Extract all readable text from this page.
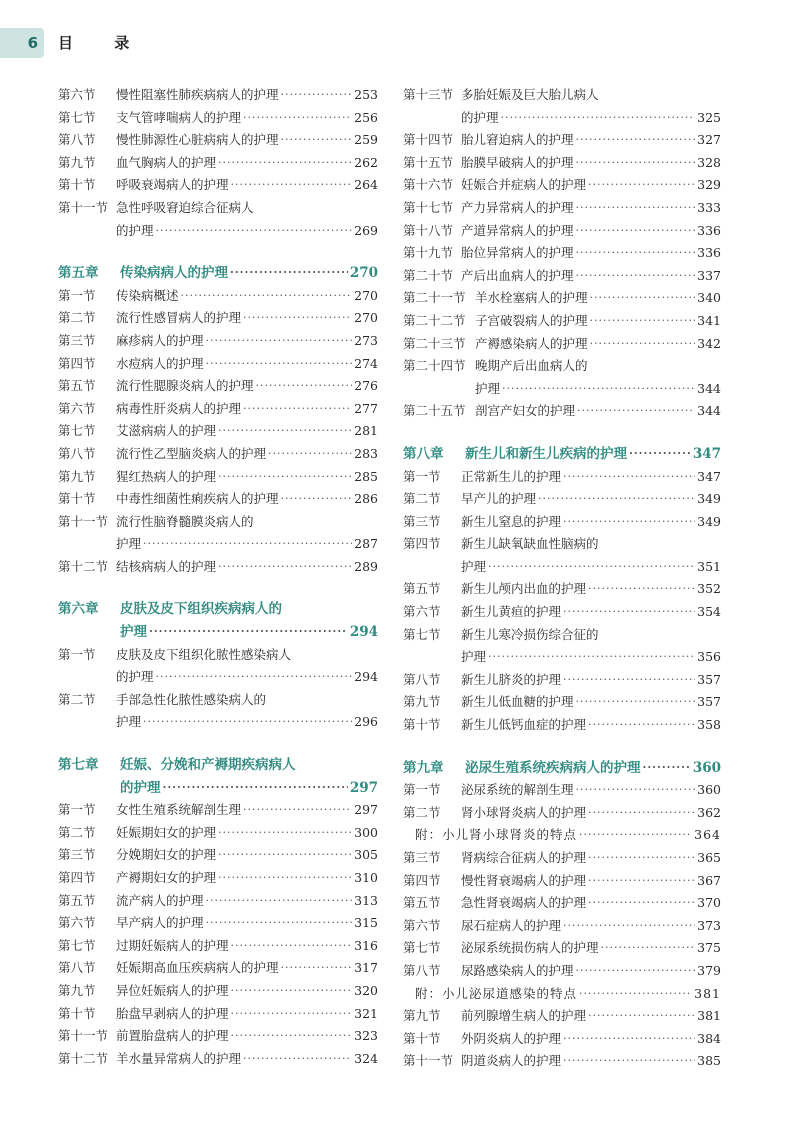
6	目 录
第六节	慢性阻塞性肺疾病病人的护理 ·····	253
第七节	支气管哮喘病人的护理 ·····	256
第八节	慢性肺源性心脏病病人的护理 ·····	259
第九节	血气胸病人的护理 ·····	262
第十节	呼吸衰竭病人的护理 ·····	264
第十一节 急性呼吸窘迫综合征病人
的护理 ·····	269
第五章	传染病病人的护理 ·····	270
第一节	传染病概述 ·····	270
第二节	流行性感冒病人的护理 ·····	270
第三节	麻疹病人的护理 ·····	273
第四节	水痘病人的护理 ·····	274
第五节	流行性腮腺炎病人的护理 ·····	276
第六节	病毒性肝炎病人的护理 ·····	277
第七节	艾滋病病人的护理 ·····	281
第八节	流行性乙型脑炎病人的护理 ·····	283
第九节	猩红热病人的护理 ·····	285
第十节	中毒性细菌性痢疾病人的护理 ·····	286
第十一节 流行性脑脊髓膜炎病人的
护理 ·····	287
第十二节 结核病病人的护理 ·····	289
第六章	皮肤及皮下组织疾病病人的
护理 ·····	294
第一节	皮肤及皮下组织化脓性感染病人
的护理 ·····	294
第二节	手部急性化脓性感染病人的
护理 ·····	296
第七章	妊娠、分娩和产褥期疾病病人
的护理 ·····	297
第一节	女性生殖系统解剖生理 ·····	297
第二节	妊娠期妇女的护理 ·····	300
第三节	分娩期妇女的护理 ·····	305
第四节	产褥期妇女的护理 ·····	310
第五节	流产病人的护理 ·····	313
第六节	早产病人的护理 ·····	315
第七节	过期妊娠病人的护理 ·····	316
第八节	妊娠期高血压疾病病人的护理 ·····	317
第九节	异位妊娠病人的护理 ·····	320
第十节	胎盘早剥病人的护理 ·····	321
第十一节 前置胎盘病人的护理 ·····	323
第十二节 羊水量异常病人的护理 ·····	324
第十三节 多胎妊娠及巨大胎儿病人
的护理 ·····	325
第十四节 胎儿窘迫病人的护理 ·····	327
第十五节 胎膜早破病人的护理 ·····	328
第十六节 妊娠合并症病人的护理 ·····	329
第十七节 产力异常病人的护理 ·····	333
第十八节 产道异常病人的护理 ·····	336
第十九节 胎位异常病人的护理 ·····	336
第二十节 产后出血病人的护理 ·····	337
第二十一节 羊水栓塞病人的护理 ·····	340
第二十二节 子宫破裂病人的护理 ·····	341
第二十三节 产褥感染病人的护理 ·····	342
第二十四节 晚期产后出血病人的
护理 ·····	344
第二十五节 剖宫产妇女的护理 ·····	344
第八章	新生儿和新生儿疾病的护理 ·····	347
第一节	正常新生儿的护理 ·····	347
第二节	早产儿的护理 ·····	349
第三节	新生儿窒息的护理 ·····	349
第四节	新生儿缺氧缺血性脑病的
护理 ·····	351
第五节	新生儿颅内出血的护理 ·····	352
第六节	新生儿黄疸的护理 ·····	354
第七节	新生儿寒冷损伤综合征的
护理 ·····	356
第八节	新生儿脐炎的护理 ·····	357
第九节	新生儿低血糖的护理 ·····	357
第十节	新生儿低钙血症的护理 ·····	358
第九章	泌尿生殖系统疾病病人的护理 ·····	360
第一节	泌尿系统的解剖生理 ·····	360
第二节	肾小球肾炎病人的护理 ·····	362
附：小儿肾小球肾炎的特点 ·····	364
第三节	肾病综合征病人的护理 ·····	365
第四节	慢性肾衰竭病人的护理 ·····	367
第五节	急性肾衰竭病人的护理 ·····	370
第六节	尿石症病人的护理 ·····	373
第七节	泌尿系统损伤病人的护理 ·····	375
第八节	尿路感染病人的护理 ·····	379
附：小儿泌尿道感染的特点 ·····	381
第九节	前列腺增生病人的护理 ·····	381
第十节	外阴炎病人的护理 ·····	384
第十一节 阴道炎病人的护理 ·····	385
